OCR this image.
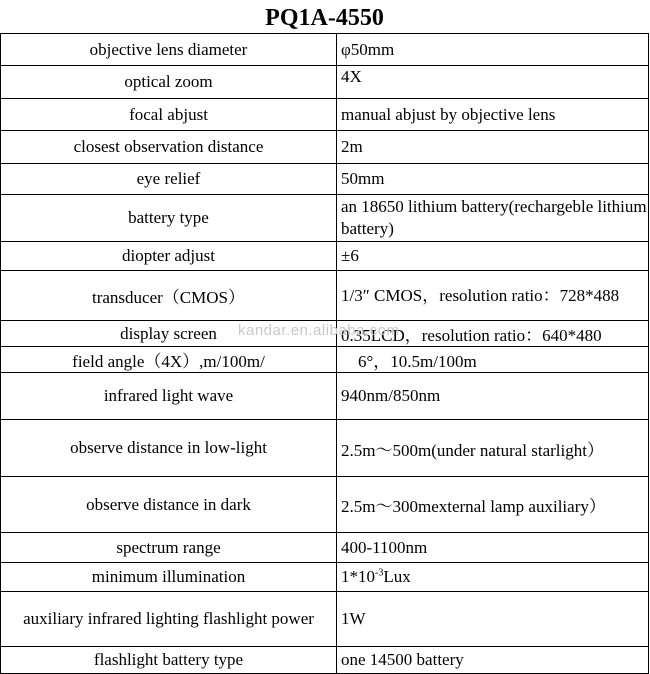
PQ1A-4550
objective lens diameter	φ50mm
optical zoom	4X
focal abjust	manual abjust by objective lens
closest observation distance	2m
eye relief	50mm
battery type	an 18650 lithium battery(rechargeble lithium battery)
diopter adjust	±6
transducer（CMOS）	1/3″ CMOS，resolution ratio：728*488
display screen	0.35LCD，resolution ratio：640*480
field angle（4X）,m/100m/	6°，10.5m/100m
infrared light wave	940nm/850nm
observe distance in low-light	2.5m～500m(under natural starlight）
observe distance in dark	2.5m～300mexternal lamp auxiliary）
spectrum range	400-1100nm
minimum illumination	$1*10^{-3}Lux$
auxiliary infrared lighting flashlight power	1W
flashlight battery type	one 14500 battery
kandar.en.alibaba.com
